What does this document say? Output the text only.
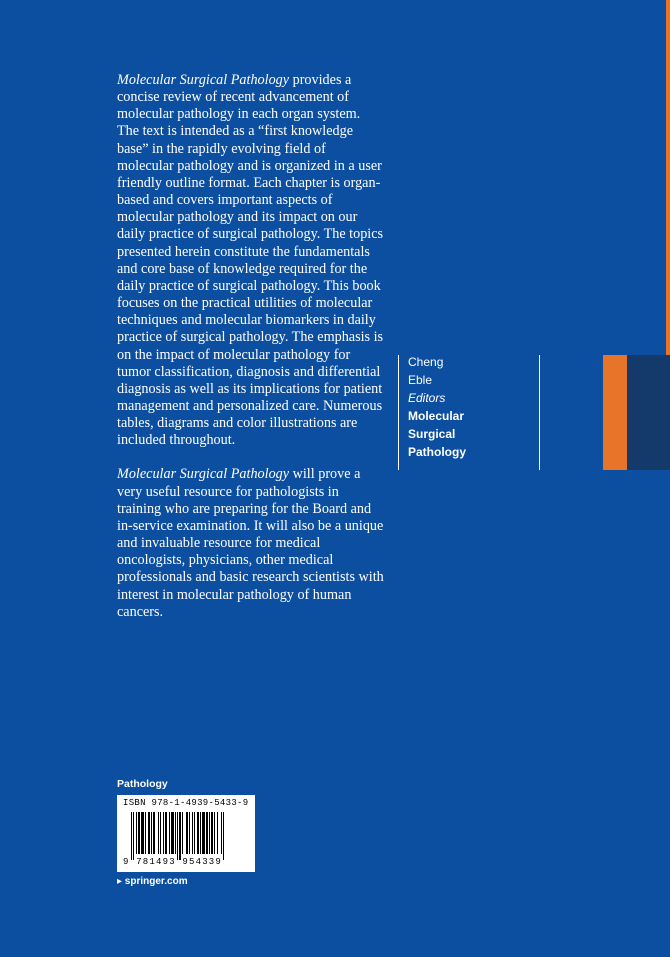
Molecular Surgical Pathology provides a concise review of recent advancement of molecular pathology in each organ system. The text is intended as a “first knowledge base” in the rapidly evolving field of molecular pathology and is organized in a user friendly outline format. Each chapter is organ-based and covers important aspects of molecular pathology and its impact on our daily practice of surgical pathology. The topics presented herein constitute the fundamentals and core base of knowledge required for the daily practice of surgical pathology. This book focuses on the practical utilities of molecular techniques and molecular biomarkers in daily practice of surgical pathology. The emphasis is on the impact of molecular pathology for tumor classification, diagnosis and differential diagnosis as well as its implications for patient management and personalized care. Numerous tables, diagrams and color illustrations are included throughout.

Molecular Surgical Pathology will prove a very useful resource for pathologists in training who are preparing for the Board and in-service examination. It will also be a unique and invaluable resource for medical oncologists, physicians, other medical professionals and basic research scientists with interest in molecular pathology of human cancers.

Cheng
Eble
Editors
Molecular
Surgical
Pathology
Pathology
ISBN 978-1-4939-5433-9
9 781493 954339
▸ springer.com
